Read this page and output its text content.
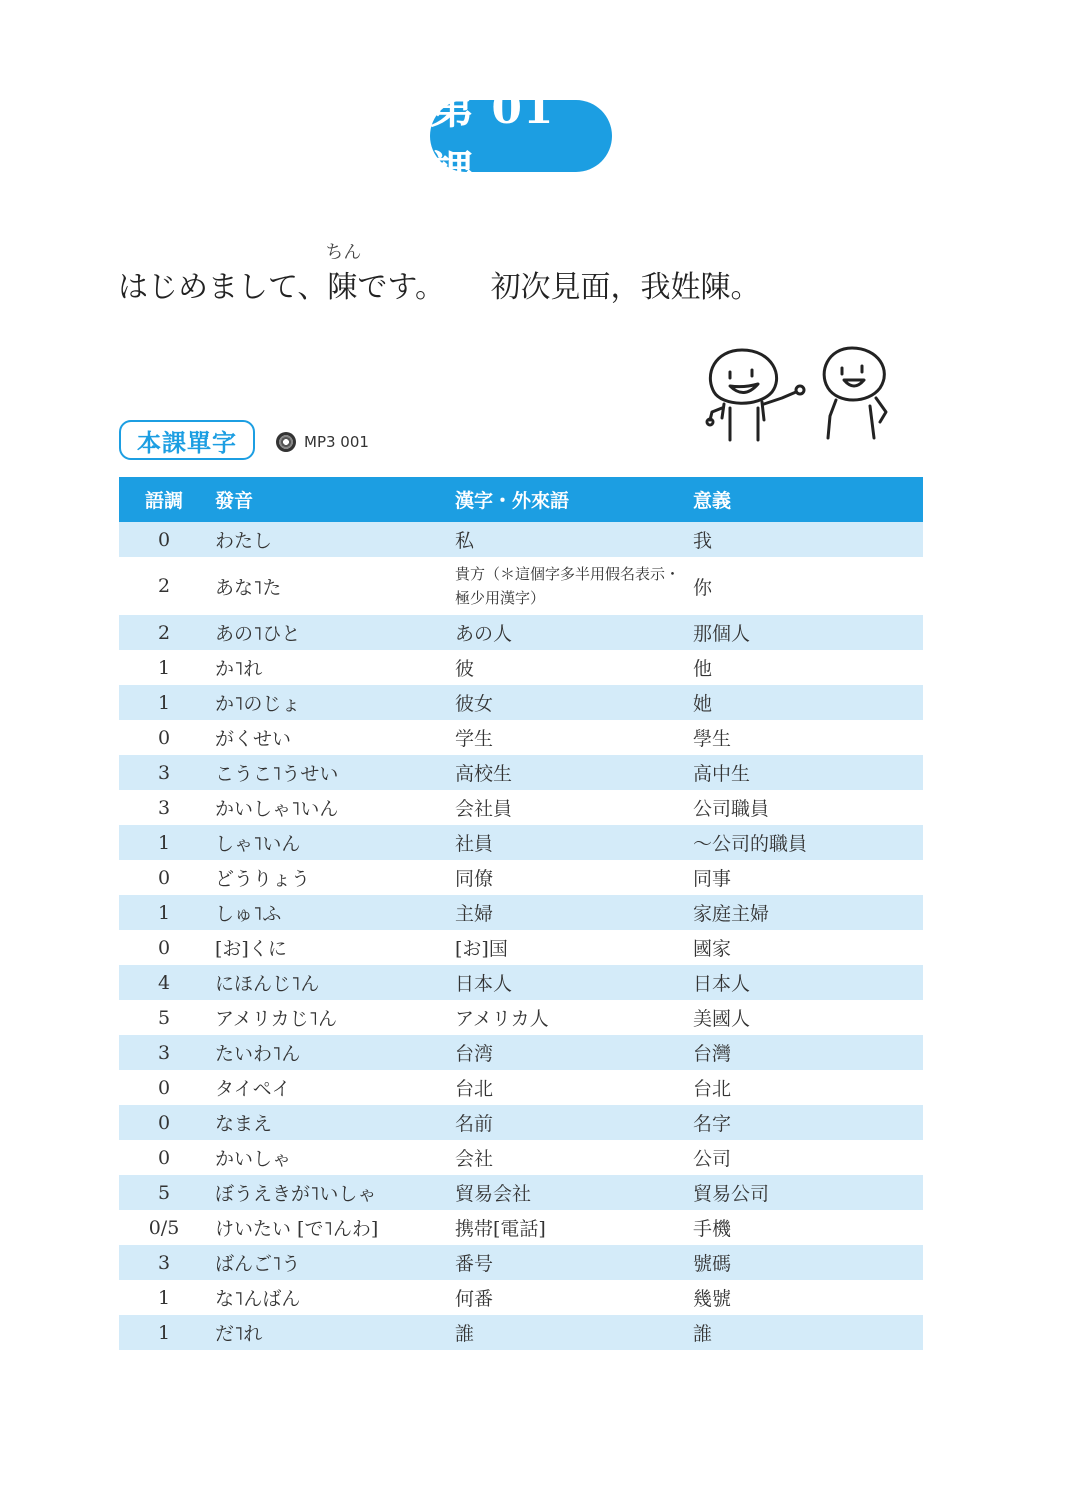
第 01 課
はじめまして、
ちん
陳です。 初次見面，我姓陳。
本課單字	MP3 001
語調	發音	漢字・外來語	意義
0	わたし	私	我
2	あな˥た	貴方（＊這個字多半用假名表示・極少用漢字）	你
2	あの˥ひと	あの人	那個人
1	か˥れ	彼	他
1	か˥のじょ	彼女	她
0	がくせい	学生	學生
3	こうこ˥うせい	高校生	高中生
3	かいしゃ˥いん	会社員	公司職員
1	しゃ˥いん	社員	～公司的職員
0	どうりょう	同僚	同事
1	しゅ˥ふ	主婦	家庭主婦
0	[お]くに	[お]国	國家
4	にほんじ˥ん	日本人	日本人
5	アメリカじ˥ん	アメリカ人	美國人
3	たいわ˥ん	台湾	台灣
0	タイペイ	台北	台北
0	なまえ	名前	名字
0	かいしゃ	会社	公司
5	ぼうえきが˥いしゃ	貿易会社	貿易公司
0/5	けいたい [で˥んわ]	携帯[電話]	手機
3	ばんご˥う	番号	號碼
1	な˥んばん	何番	幾號
1	だ˥れ	誰	誰
